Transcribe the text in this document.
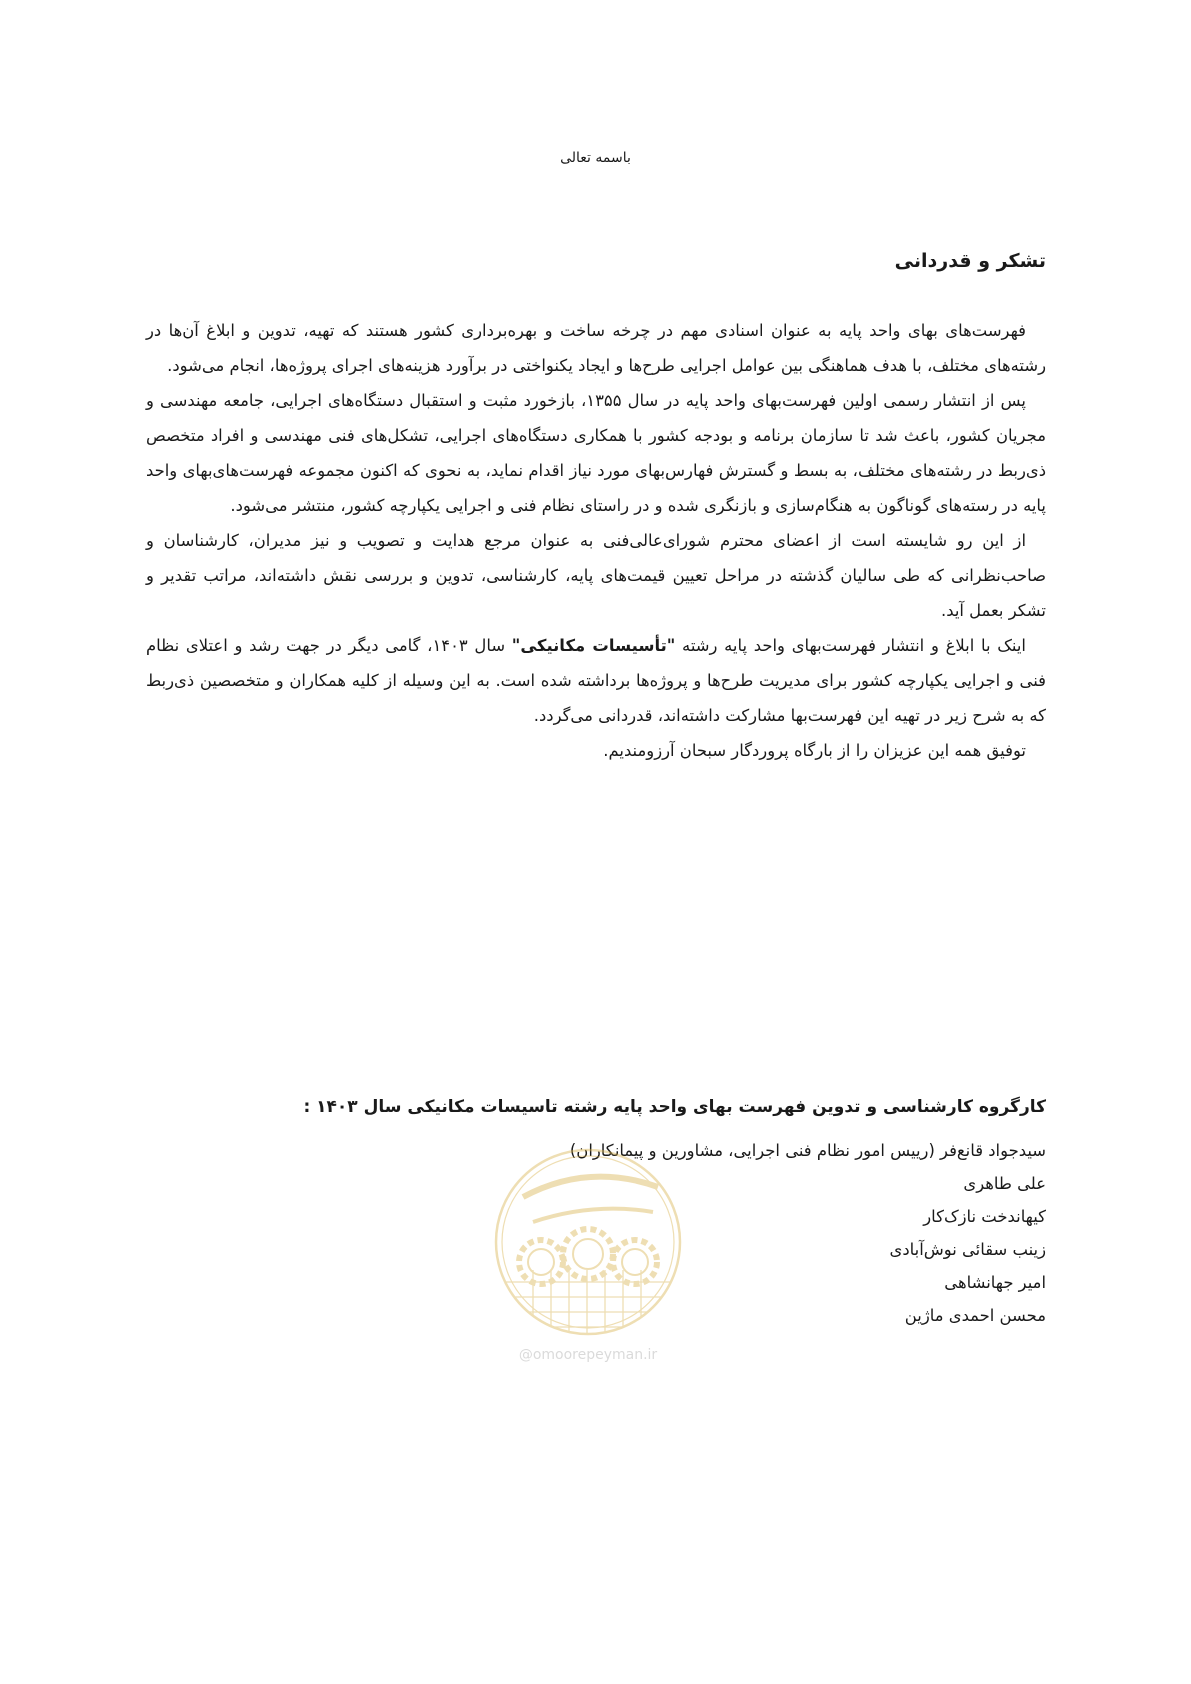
باسمه تعالی
تشکر و قدردانی

فهرست‌های بهای واحد پایه به عنوان اسنادی مهم در چرخه ساخت و بهره‌برداری کشور هستند که تهیه، تدوین و ابلاغ آن‌ها در رشته‌های مختلف، با هدف هماهنگی بین عوامل اجرایی طرح‌ها و ایجاد یکنواختی در برآورد هزینه‌های اجرای پروژه‌ها، انجام می‌شود.

پس از انتشار رسمی اولین فهرست‌بهای واحد پایه در سال ۱۳۵۵، بازخورد مثبت و استقبال دستگاه‌های اجرایی، جامعه مهندسی و مجریان کشور، باعث شد تا سازمان برنامه و بودجه کشور با همکاری دستگاه‌های اجرایی، تشکل‌های فنی مهندسی و افراد متخصص ذی‌ربط در رشته‌های مختلف، به بسط و گسترش فهارس‌بهای مورد نیاز اقدام نماید، به نحوی که اکنون مجموعه فهرست‌های‌بهای واحد پایه در رسته‌های گوناگون به هنگام‌سازی و بازنگری شده و در راستای نظام فنی و اجرایی یکپارچه کشور، منتشر می‌شود.

از این رو شایسته است از اعضای محترم شورای‌عالی‌فنی به عنوان مرجع هدایت و تصویب و نیز مدیران، کارشناسان و صاحب‌نظرانی که طی سالیان گذشته در مراحل تعیین قیمت‌های پایه، کارشناسی، تدوین و بررسی نقش داشته‌اند، مراتب تقدیر و تشکر بعمل آید.

اینک با ابلاغ و انتشار فهرست‌بهای واحد پایه رشته "تأسیسات مکانیکی" سال ۱۴۰۳، گامی دیگر در جهت رشد و اعتلای نظام فنی و اجرایی یکپارچه کشور برای مدیریت طرح‌ها و پروژه‌ها برداشته شده است. به این وسیله از کلیه همکاران و متخصصین ذی‌ربط که به شرح زیر در تهیه این فهرست‌بها مشارکت داشته‌اند، قدردانی می‌گردد.

توفیق همه این عزیزان را از بارگاه پروردگار سبحان آرزومندیم.

کارگروه کارشناسی و تدوین فهرست بهای واحد پایه رشته تاسیسات مکانیکی سال ۱۴۰۳ :
سیدجواد قانع‌فر (رییس امور نظام فنی اجرایی، مشاورین و پیمانکاران)
علی طاهری
کیهاندخت نازک‌کار
زینب سقائی نوش‌آبادی
امیر جهانشاهی
محسن احمدی ماژین
@omoorepeyman.ir
